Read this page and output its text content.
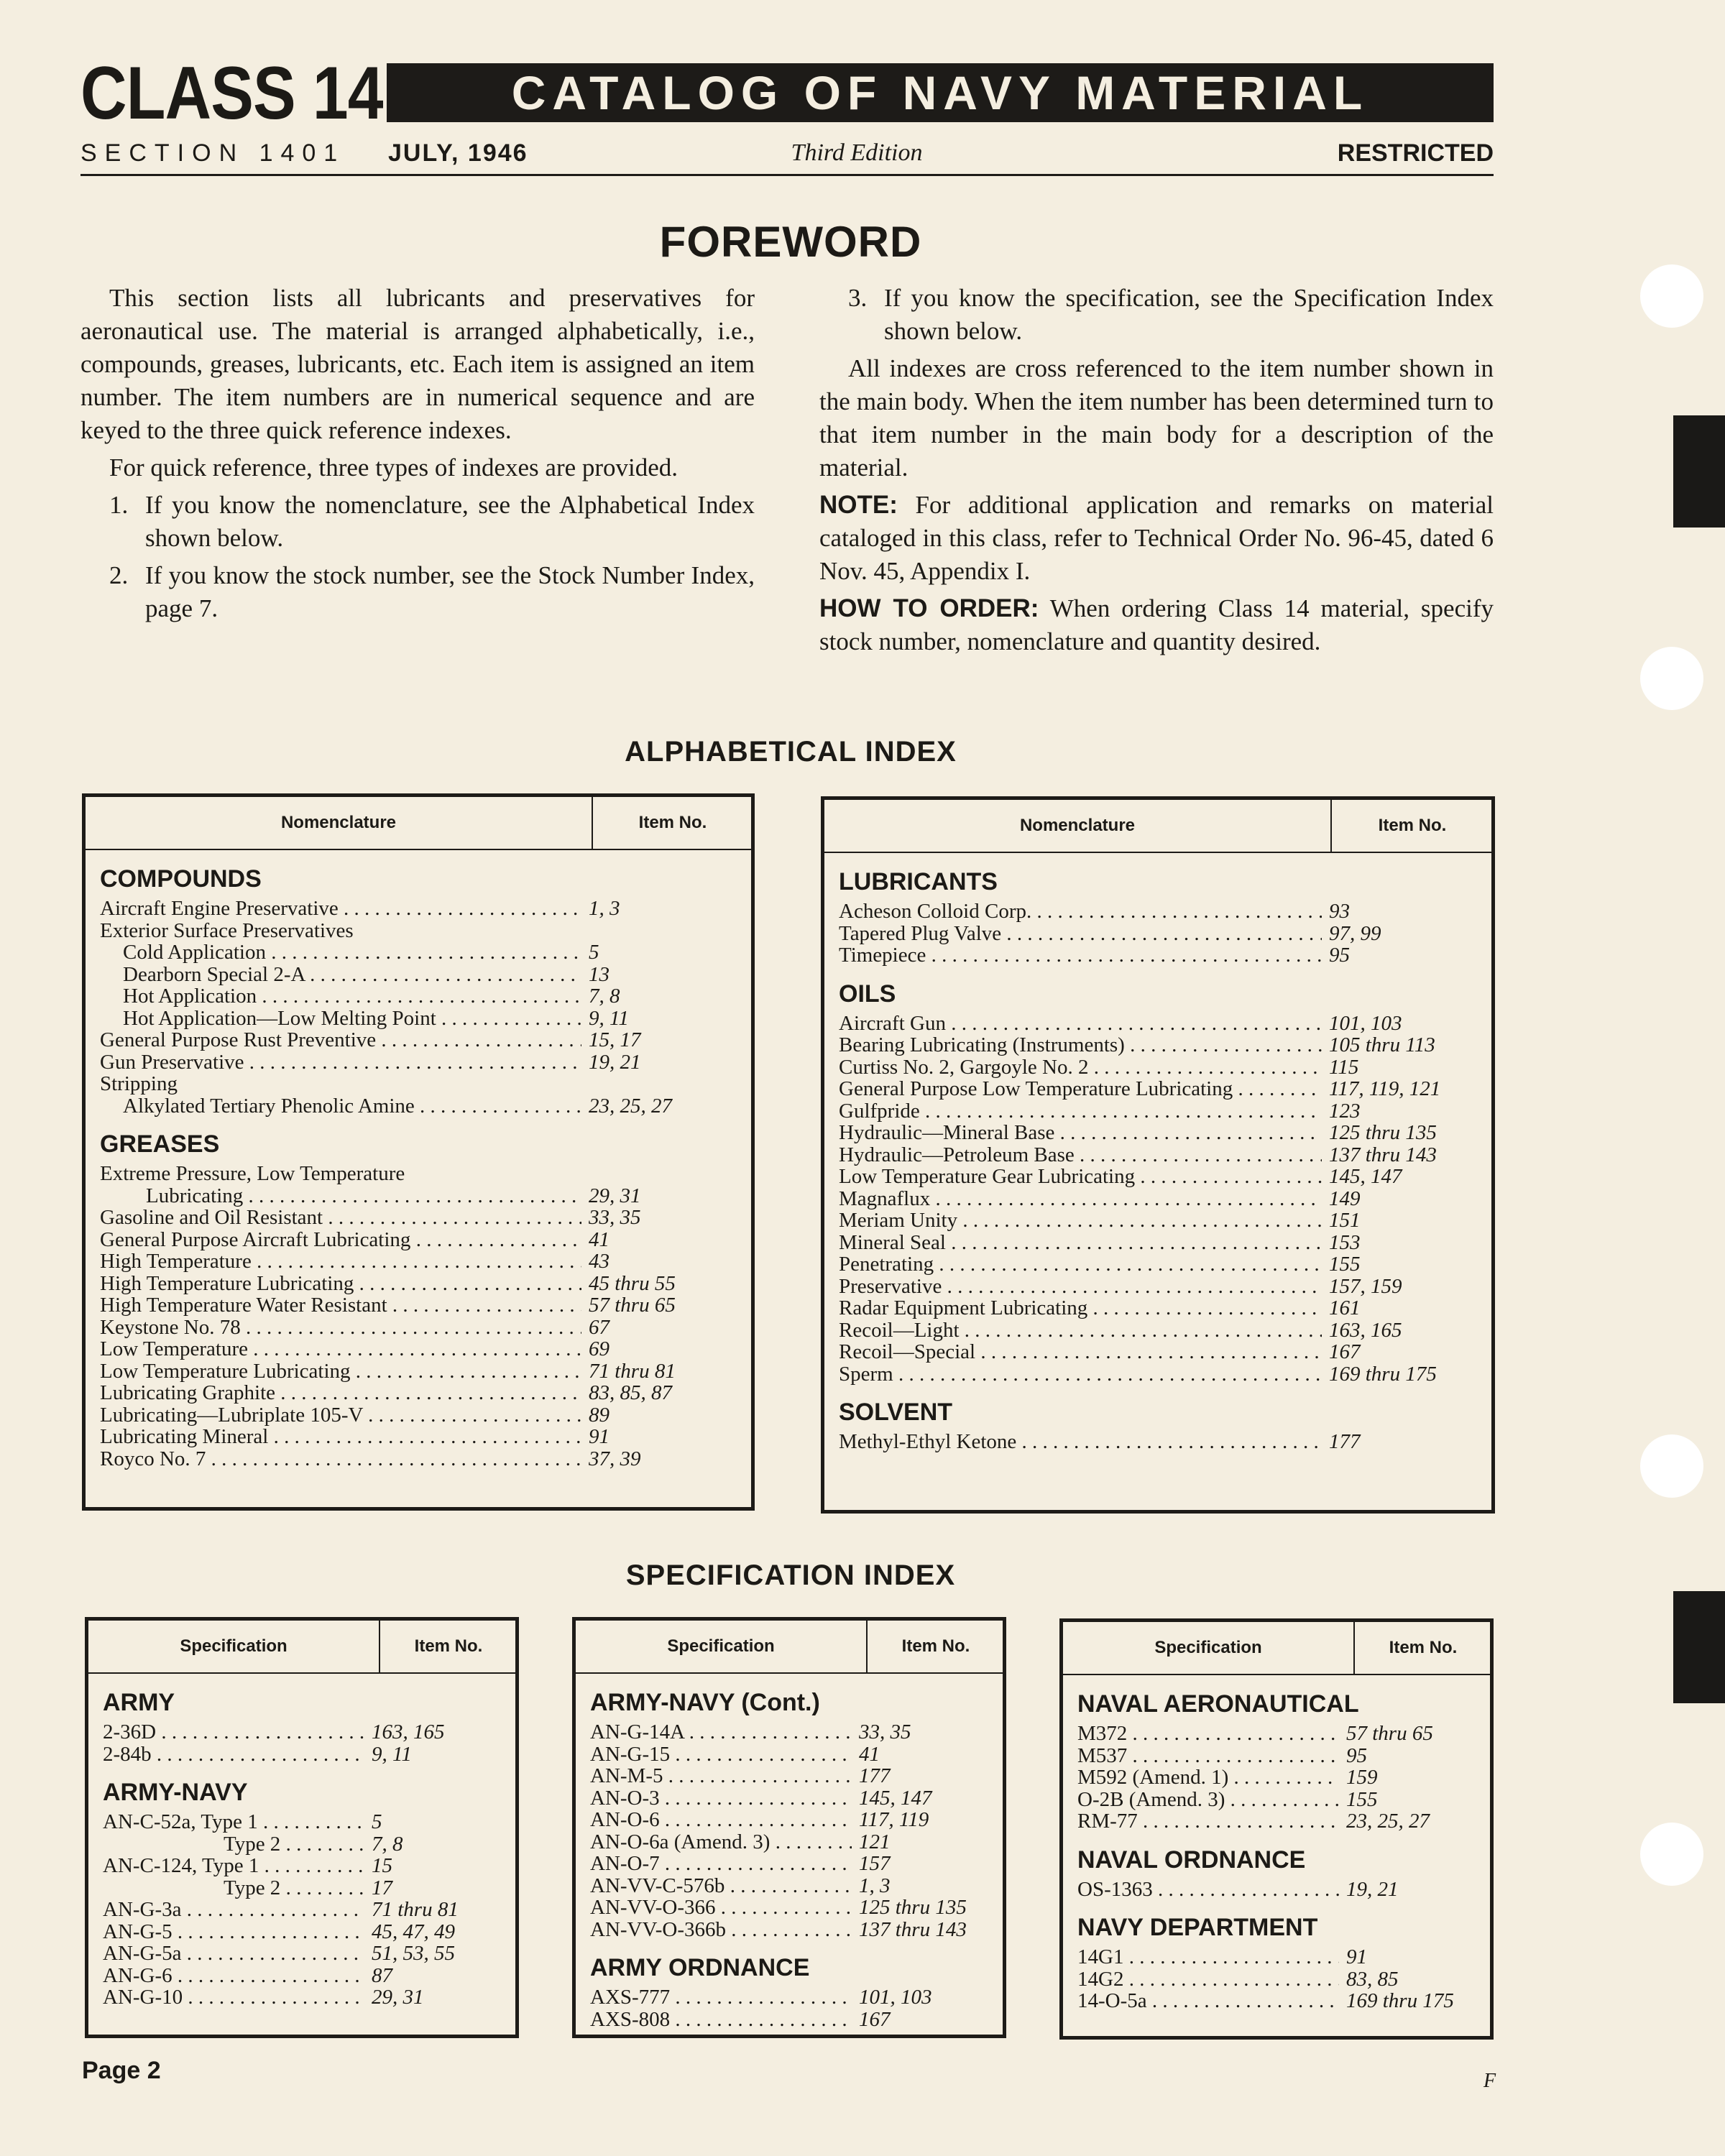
CLASS 14	CATALOG OF NAVY MATERIAL
SECTION 1401 JULY, 1946	Third Edition	RESTRICTED
FOREWORD

This section lists all lubricants and preservatives for aeronautical use. The material is arranged alphabetically, i.e., compounds, greases, lubricants, etc. Each item is assigned an item number. The item numbers are in numerical sequence and are keyed to the three quick reference indexes.

For quick reference, three types of indexes are provided.

1. If you know the nomenclature, see the Alphabetical Index shown below.
2. If you know the stock number, see the Stock Number Index, page 7.
3. If you know the specification, see the Specification Index shown below.

All indexes are cross referenced to the item number shown in the main body. When the item number has been determined turn to that item number in the main body for a description of the material.

NOTE: For additional application and remarks on material cataloged in this class, refer to Technical Order No. 96-45, dated 6 Nov. 45, Appendix I.

HOW TO ORDER: When ordering Class 14 material, specify stock number, nomenclature and quantity desired.

ALPHABETICAL INDEX
Nomenclature	Item No.
COMPOUNDS
Aircraft Engine Preservative . . .	1, 3
Exterior Surface Preservatives
Cold Application . . .	5
Dearborn Special 2-A . . .	13
Hot Application . . .	7, 8
Hot Application—Low Melting Point . . .	9, 11
General Purpose Rust Preventive . . .	15, 17
Gun Preservative . . .	19, 21
Stripping
Alkylated Tertiary Phenolic Amine . . .	23, 25, 27
GREASES
Extreme Pressure, Low Temperature
Lubricating . . .	29, 31
Gasoline and Oil Resistant . . .	33, 35
General Purpose Aircraft Lubricating . . .	41
High Temperature . . .	43
High Temperature Lubricating . . .	45 thru 55
High Temperature Water Resistant . . .	57 thru 65
Keystone No. 78 . . .	67
Low Temperature . . .	69
Low Temperature Lubricating . . .	71 thru 81
Lubricating Graphite . . .	83, 85, 87
Lubricating—Lubriplate 105-V . . .	89
Lubricating Mineral . . .	91
Royco No. 7 . . .	37, 39
Nomenclature	Item No.
LUBRICANTS
Acheson Colloid Corp. . . .	93
Tapered Plug Valve . . .	97, 99
Timepiece . . .	95
OILS
Aircraft Gun . . .	101, 103
Bearing Lubricating (Instruments) . . .	105 thru 113
Curtiss No. 2, Gargoyle No. 2 . . .	115
General Purpose Low Temperature Lubricating . . .	117, 119, 121
Gulfpride . . .	123
Hydraulic—Mineral Base . . .	125 thru 135
Hydraulic—Petroleum Base . . .	137 thru 143
Low Temperature Gear Lubricating . . .	145, 147
Magnaflux . . .	149
Meriam Unity . . .	151
Mineral Seal . . .	153
Penetrating . . .	155
Preservative . . .	157, 159
Radar Equipment Lubricating . . .	161
Recoil—Light . . .	163, 165
Recoil—Special . . .	167
Sperm . . .	169 thru 175
SOLVENT
Methyl-Ethyl Ketone . . .	177
SPECIFICATION INDEX
Specification	Item No.
ARMY
2-36D . . .	163, 165
2-84b . . .	9, 11
ARMY-NAVY
AN-C-52a, Type 1 . . .	5
Type 2 . . .	7, 8
AN-C-124, Type 1 . . .	15
Type 2 . . .	17
AN-G-3a . . .	71 thru 81
AN-G-5 . . .	45, 47, 49
AN-G-5a . . .	51, 53, 55
AN-G-6 . . .	87
AN-G-10 . . .	29, 31
Specification	Item No.
ARMY-NAVY (Cont.)
AN-G-14A . . .	33, 35
AN-G-15 . . .	41
AN-M-5 . . .	177
AN-O-3 . . .	145, 147
AN-O-6 . . .	117, 119
AN-O-6a (Amend. 3) . . .	121
AN-O-7 . . .	157
AN-VV-C-576b . . .	1, 3
AN-VV-O-366 . . .	125 thru 135
AN-VV-O-366b . . .	137 thru 143
ARMY ORDNANCE
AXS-777 . . .	101, 103
AXS-808 . . .	167
Specification	Item No.
NAVAL AERONAUTICAL
M372 . . .	57 thru 65
M537 . . .	95
M592 (Amend. 1) . . .	159
O-2B (Amend. 3) . . .	155
RM-77 . . .	23, 25, 27
NAVAL ORDNANCE
OS-1363 . . .	19, 21
NAVY DEPARTMENT
14G1 . . .	91
14G2 . . .	83, 85
14-O-5a . . .	169 thru 175
Page 2	F
